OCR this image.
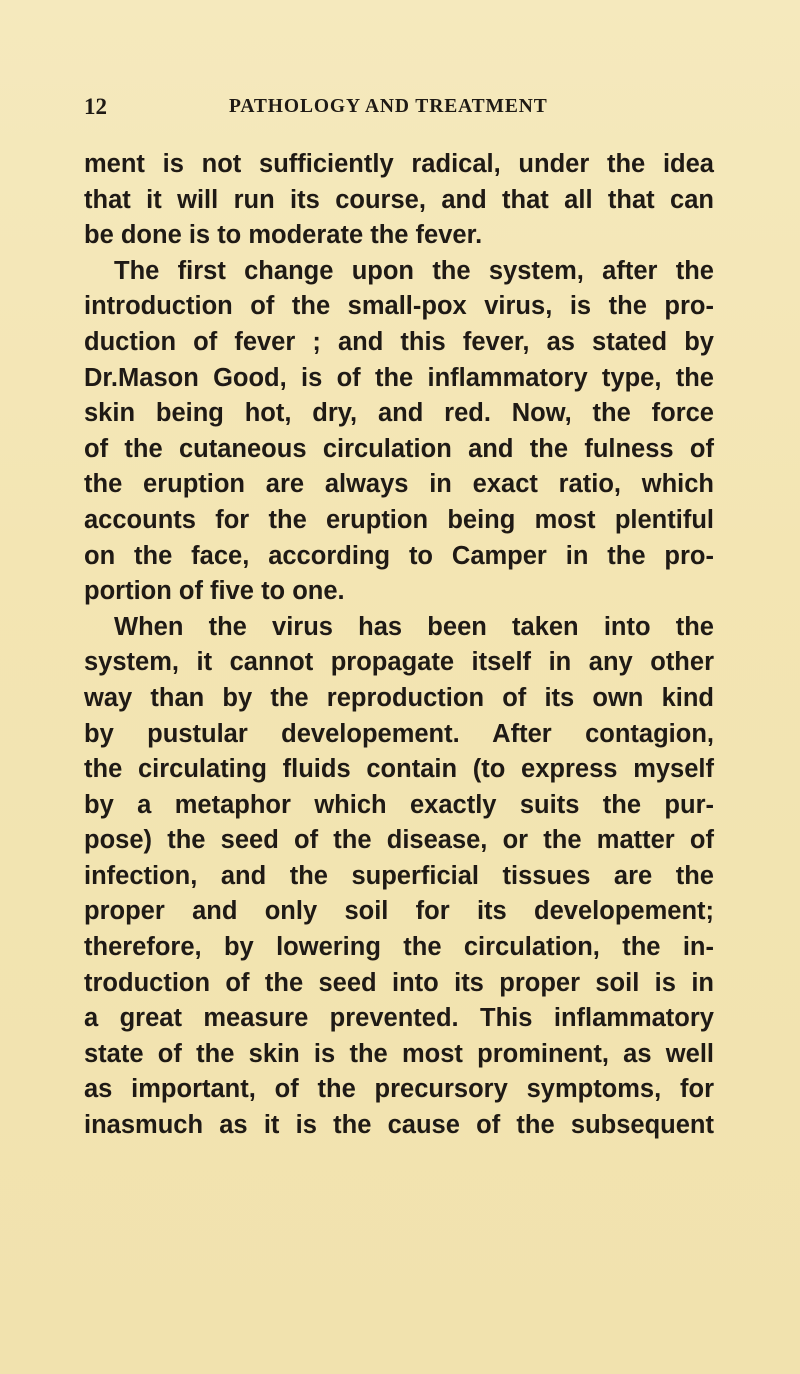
12	PATHOLOGY AND TREATMENT
ment is not sufficiently radical, under the idea
that it will run its course, and that all that can
be done is to moderate the fever.
The first change upon the system, after the
introduction of the small-pox virus, is the pro-
duction of fever ; and this fever, as stated by
Dr.Mason Good, is of the inflammatory type, the
skin being hot, dry, and red. Now, the force
of the cutaneous circulation and the fulness of
the eruption are always in exact ratio, which
accounts for the eruption being most plentiful
on the face, according to Camper in the pro-
portion of five to one.
When the virus has been taken into the
system, it cannot propagate itself in any other
way than by the reproduction of its own kind
by pustular developement. After contagion,
the circulating fluids contain (to express myself
by a metaphor which exactly suits the pur-
pose) the seed of the disease, or the matter of
infection, and the superficial tissues are the
proper and only soil for its developement;
therefore, by lowering the circulation, the in-
troduction of the seed into its proper soil is in
a great measure prevented. This inflammatory
state of the skin is the most prominent, as well
as important, of the precursory symptoms, for
inasmuch as it is the cause of the subsequent
